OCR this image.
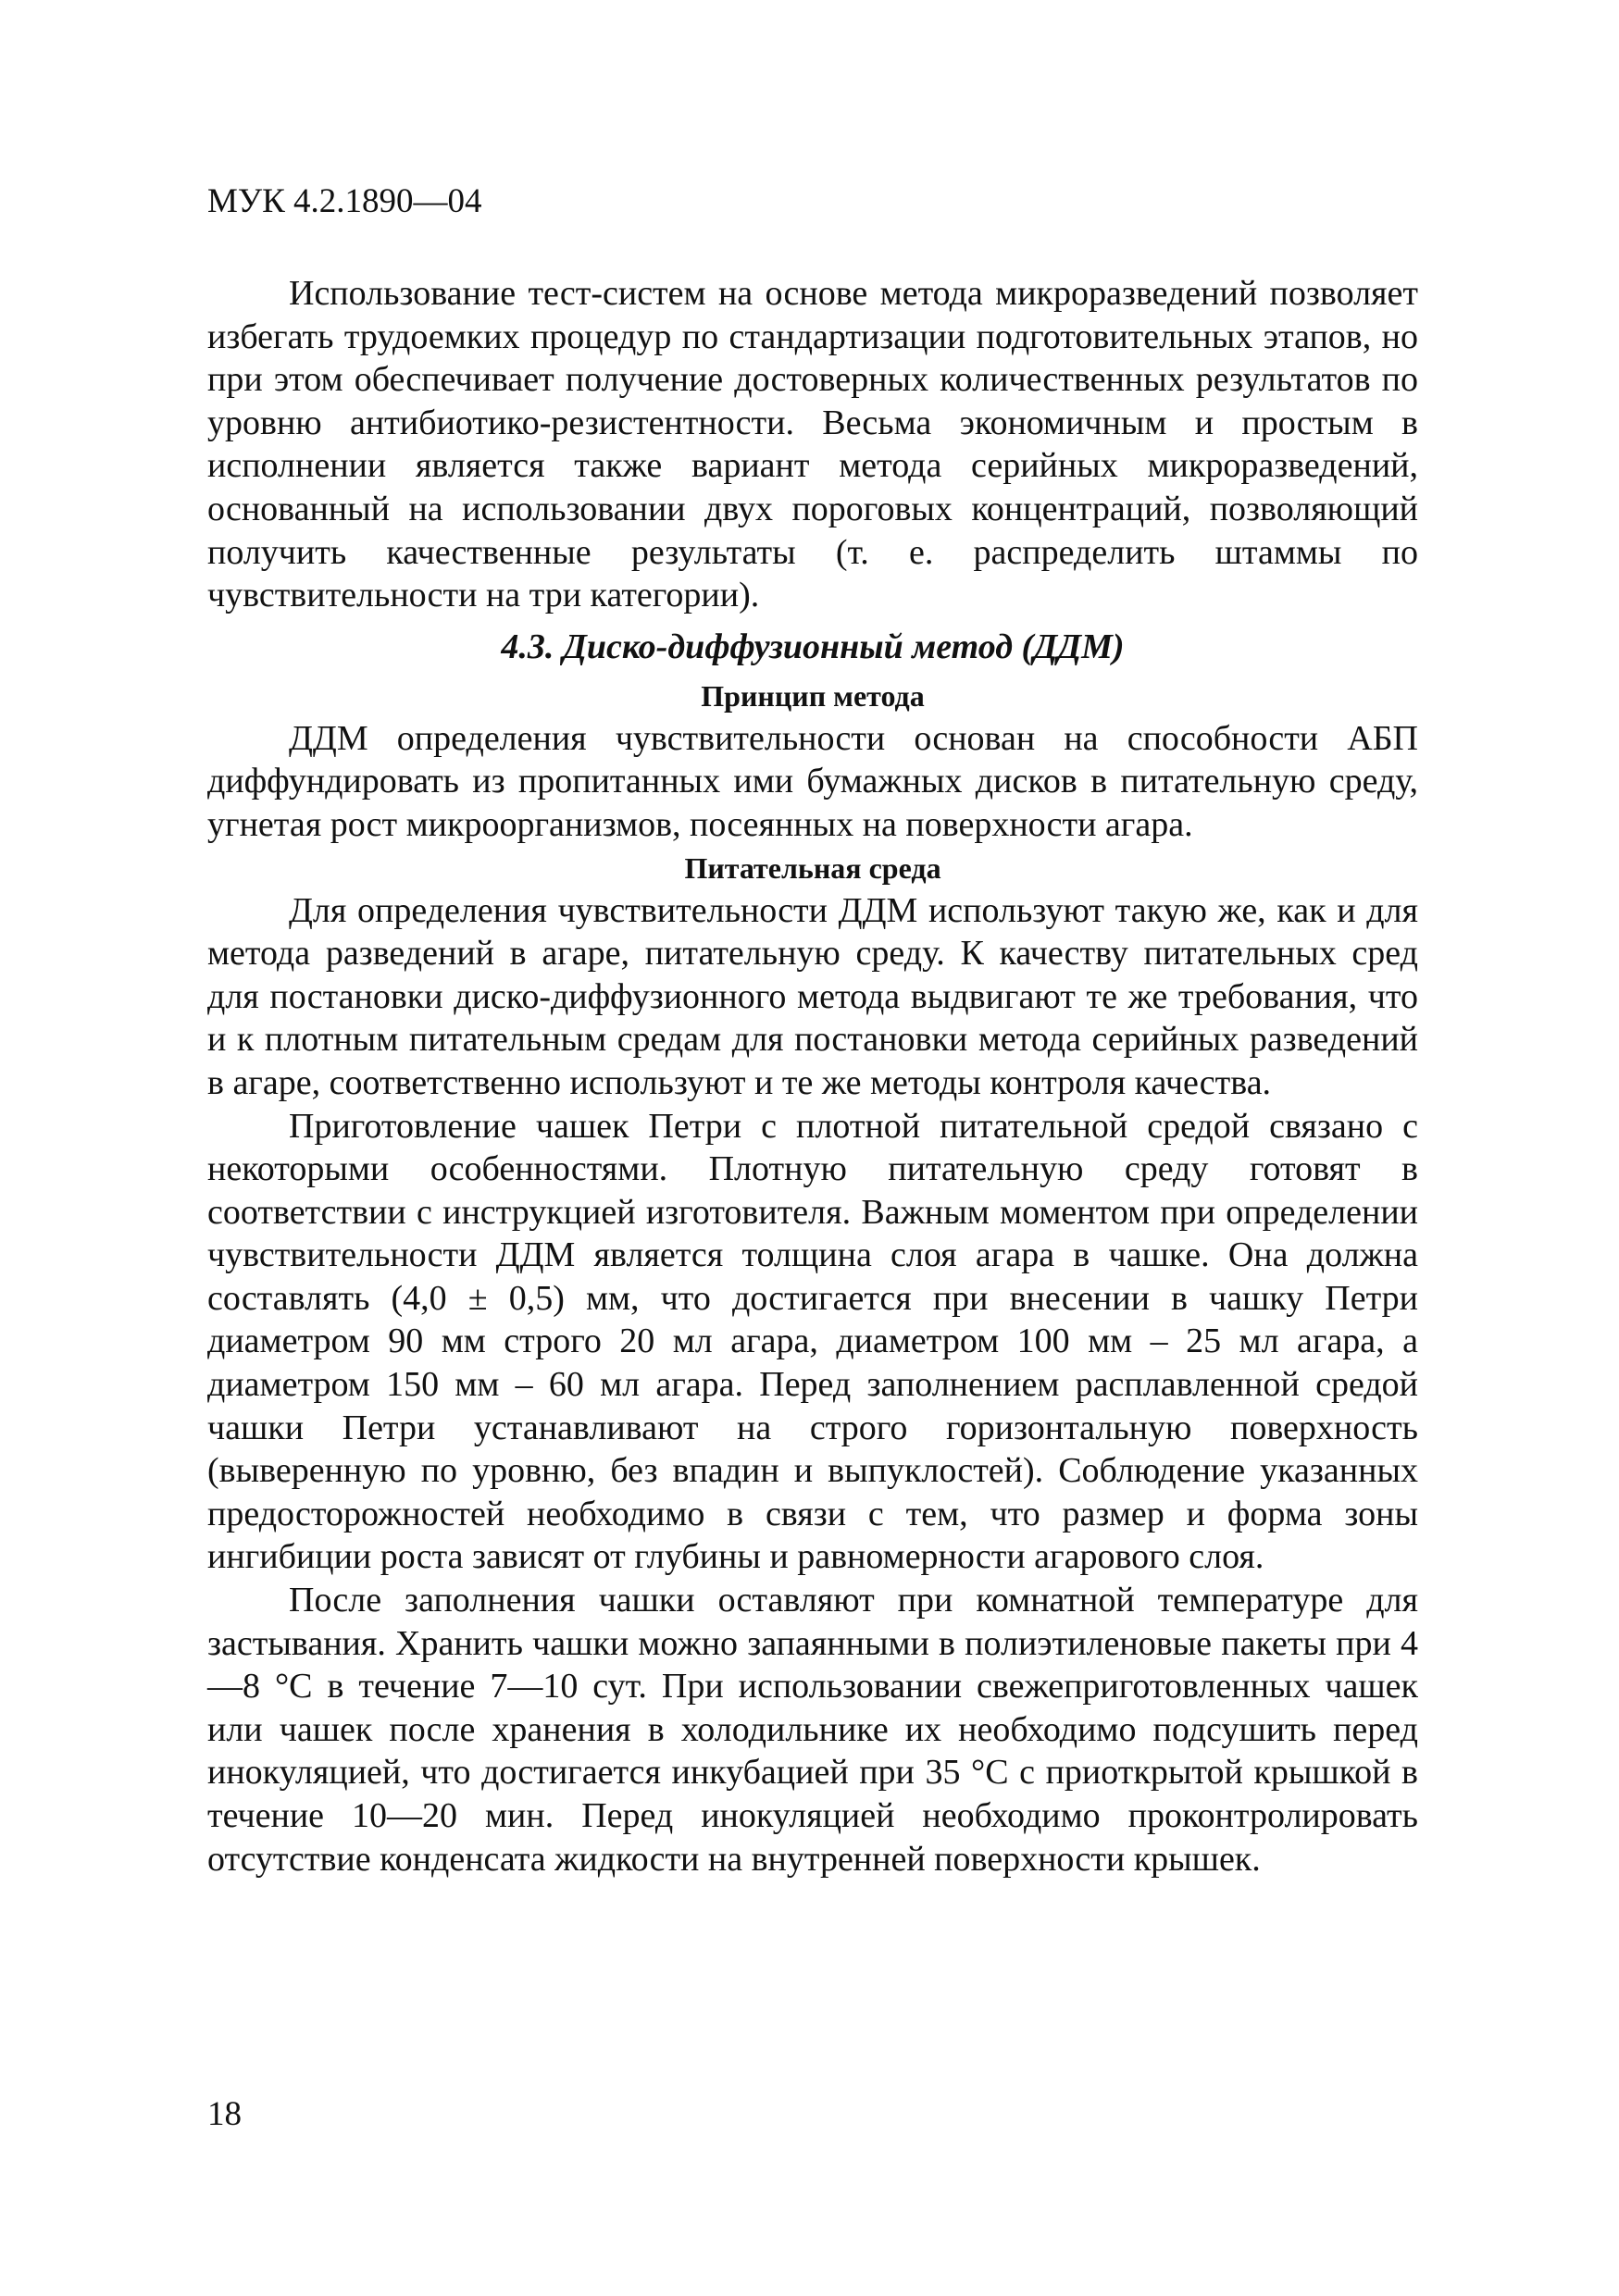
МУК 4.2.1890—04

Использование тест-систем на основе метода микроразведений позволяет избегать трудоемких процедур по стандартизации подготовительных этапов, но при этом обеспечивает получение достоверных количественных результатов по уровню антибиотико-резистентности. Весьма экономичным и простым в исполнении является также вариант метода серийных микроразведений, основанный на использовании двух пороговых концентраций, позволяющий получить качественные результаты (т. е. распределить штаммы по чувствительности на три категории).

4.3. Диско-диффузионный метод (ДДМ)
Принцип метода

ДДМ определения чувствительности основан на способности АБП диффундировать из пропитанных ими бумажных дисков в питательную среду, угнетая рост микроорганизмов, посеянных на поверхности агара.

Питательная среда

Для определения чувствительности ДДМ используют такую же, как и для метода разведений в агаре, питательную среду. К качеству питательных сред для постановки диско-диффузионного метода выдвигают те же требования, что и к плотным питательным средам для постановки метода серийных разведений в агаре, соответственно используют и те же методы контроля качества.

Приготовление чашек Петри с плотной питательной средой связано с некоторыми особенностями. Плотную питательную среду готовят в соответствии с инструкцией изготовителя. Важным моментом при определении чувствительности ДДМ является толщина слоя агара в чашке. Она должна составлять (4,0 ± 0,5) мм, что достигается при внесении в чашку Петри диаметром 90 мм строго 20 мл агара, диаметром 100 мм – 25 мл агара, а диаметром 150 мм – 60 мл агара. Перед заполнением расплавленной средой чашки Петри устанавливают на строго горизонтальную поверхность (выверенную по уровню, без впадин и выпуклостей). Соблюдение указанных предосторожностей необходимо в связи с тем, что размер и форма зоны ингибиции роста зависят от глубины и равномерности агарового слоя.

После заполнения чашки оставляют при комнатной температуре для застывания. Хранить чашки можно запаянными в полиэтиленовые пакеты при 4—8 °С в течение 7—10 сут. При использовании свежеприготовленных чашек или чашек после хранения в холодильнике их необходимо подсушить перед инокуляцией, что достигается инкубацией при 35 °С с приоткрытой крышкой в течение 10—20 мин. Перед инокуляцией необходимо проконтролировать отсутствие конденсата жидкости на внутренней поверхности крышек.

18
